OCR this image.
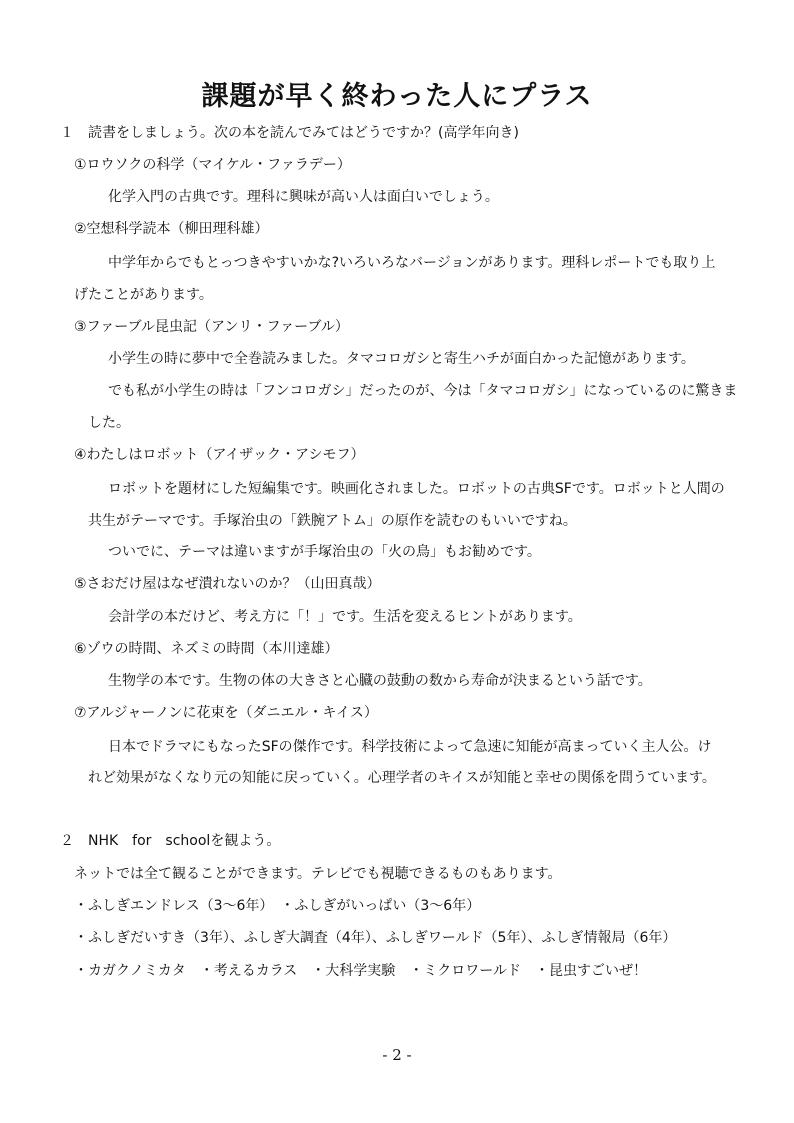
課題が早く終わった人にプラス
１　読書をしましょう。次の本を読んでみてはどうですか？(高学年向き)
①ロウソクの科学（マイケル・ファラデー）
化学入門の古典です。理科に興味が高い人は面白いでしょう。
②空想科学読本（柳田理科雄）
中学年からでもとっつきやすいかな?いろいろなバージョンがあります。理科レポートでも取り上
げたことがあります。
③ファーブル昆虫記（アンリ・ファーブル）
小学生の時に夢中で全巻読みました。タマコロガシと寄生ハチが面白かった記憶があります。
でも私が小学生の時は「フンコロガシ」だったのが、今は「タマコロガシ」になっているのに驚きま
した。
④わたしはロボット（アイザック・アシモフ）
ロボットを題材にした短編集です。映画化されました。ロボットの古典SFです。ロボットと人間の
共生がテーマです。手塚治虫の「鉄腕アトム」の原作を読むのもいいですね。
ついでに、テーマは違いますが手塚治虫の「火の鳥」もお勧めです。
⑤さおだけ屋はなぜ潰れないのか？（山田真哉）
会計学の本だけど、考え方に「！」です。生活を変えるヒントがあります。
⑥ゾウの時間、ネズミの時間（本川達雄）
生物学の本です。生物の体の大きさと心臓の鼓動の数から寿命が決まるという話です。
⑦アルジャーノンに花束を（ダニエル・キイス）
日本でドラマにもなったSFの傑作です。科学技術によって急速に知能が高まっていく主人公。け
れど効果がなくなり元の知能に戻っていく。心理学者のキイスが知能と幸せの関係を問うています。
２　NHK　for　schoolを観よう。
ネットでは全て観ることができます。テレビでも視聴できるものもあります。
・ふしぎエンドレス（3～6年）　・ふしぎがいっぱい（3～6年）
・ふしぎだいすき（3年）、ふしぎ大調査（4年）、ふしぎワールド（5年）、ふしぎ情報局（6年）
・カガクノミカタ　・考えるカラス　・大科学実験　・ミクロワールド　・昆虫すごいぜ！
- 2 -
